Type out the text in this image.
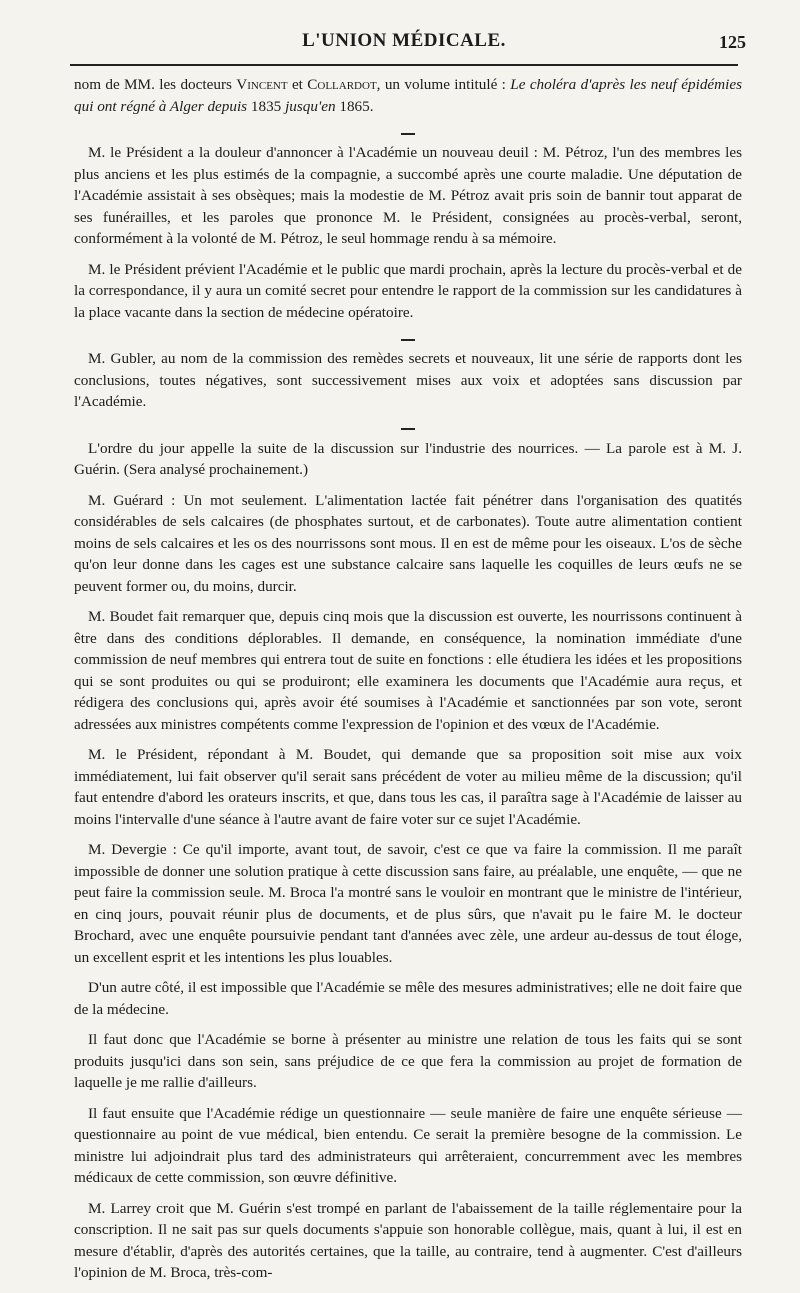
L'UNION MÉDICALE.	125

nom de MM. les docteurs Vincent et Collardot, un volume intitulé : Le choléra d'après les neuf épidémies qui ont régné à Alger depuis 1835 jusqu'en 1865.

M. le Président a la douleur d'annoncer à l'Académie un nouveau deuil : M. Pétroz, l'un des membres les plus anciens et les plus estimés de la compagnie, a succombé après une courte maladie. Une députation de l'Académie assistait à ses obsèques; mais la modestie de M. Pétroz avait pris soin de bannir tout apparat de ses funérailles, et les paroles que prononce M. le Président, consignées au procès-verbal, seront, conformément à la volonté de M. Pétroz, le seul hommage rendu à sa mémoire.

M. le Président prévient l'Académie et le public que mardi prochain, après la lecture du procès-verbal et de la correspondance, il y aura un comité secret pour entendre le rapport de la commission sur les candidatures à la place vacante dans la section de médecine opératoire.

M. Gubler, au nom de la commission des remèdes secrets et nouveaux, lit une série de rapports dont les conclusions, toutes négatives, sont successivement mises aux voix et adoptées sans discussion par l'Académie.

L'ordre du jour appelle la suite de la discussion sur l'industrie des nourrices. — La parole est à M. J. Guérin. (Sera analysé prochainement.)

M. Guérard : Un mot seulement. L'alimentation lactée fait pénétrer dans l'organisation des quatités considérables de sels calcaires (de phosphates surtout, et de carbonates). Toute autre alimentation contient moins de sels calcaires et les os des nourrissons sont mous. Il en est de même pour les oiseaux. L'os de sèche qu'on leur donne dans les cages est une substance calcaire sans laquelle les coquilles de leurs œufs ne se peuvent former ou, du moins, durcir.

M. Boudet fait remarquer que, depuis cinq mois que la discussion est ouverte, les nourrissons continuent à être dans des conditions déplorables. Il demande, en conséquence, la nomination immédiate d'une commission de neuf membres qui entrera tout de suite en fonctions : elle étudiera les idées et les propositions qui se sont produites ou qui se produiront; elle examinera les documents que l'Académie aura reçus, et rédigera des conclusions qui, après avoir été soumises à l'Académie et sanctionnées par son vote, seront adressées aux ministres compétents comme l'expression de l'opinion et des vœux de l'Académie.

M. le Président, répondant à M. Boudet, qui demande que sa proposition soit mise aux voix immédiatement, lui fait observer qu'il serait sans précédent de voter au milieu même de la discussion; qu'il faut entendre d'abord les orateurs inscrits, et que, dans tous les cas, il paraîtra sage à l'Académie de laisser au moins l'intervalle d'une séance à l'autre avant de faire voter sur ce sujet l'Académie.

M. Devergie : Ce qu'il importe, avant tout, de savoir, c'est ce que va faire la commission. Il me paraît impossible de donner une solution pratique à cette discussion sans faire, au préalable, une enquête, — que ne peut faire la commission seule. M. Broca l'a montré sans le vouloir en montrant que le ministre de l'intérieur, en cinq jours, pouvait réunir plus de documents, et de plus sûrs, que n'avait pu le faire M. le docteur Brochard, avec une enquête poursuivie pendant tant d'années avec zèle, une ardeur au-dessus de tout éloge, un excellent esprit et les intentions les plus louables.

D'un autre côté, il est impossible que l'Académie se mêle des mesures administratives; elle ne doit faire que de la médecine.

Il faut donc que l'Académie se borne à présenter au ministre une relation de tous les faits qui se sont produits jusqu'ici dans son sein, sans préjudice de ce que fera la commission au projet de formation de laquelle je me rallie d'ailleurs.

Il faut ensuite que l'Académie rédige un questionnaire — seule manière de faire une enquête sérieuse — questionnaire au point de vue médical, bien entendu. Ce serait la première besogne de la commission. Le ministre lui adjoindrait plus tard des administrateurs qui arrêteraient, concurremment avec les membres médicaux de cette commission, son œuvre définitive.

M. Larrey croit que M. Guérin s'est trompé en parlant de l'abaissement de la taille réglementaire pour la conscription. Il ne sait pas sur quels documents s'appuie son honorable collègue, mais, quant à lui, il est en mesure d'établir, d'après des autorités certaines, que la taille, au contraire, tend à augmenter. C'est d'ailleurs l'opinion de M. Broca, très-com-
